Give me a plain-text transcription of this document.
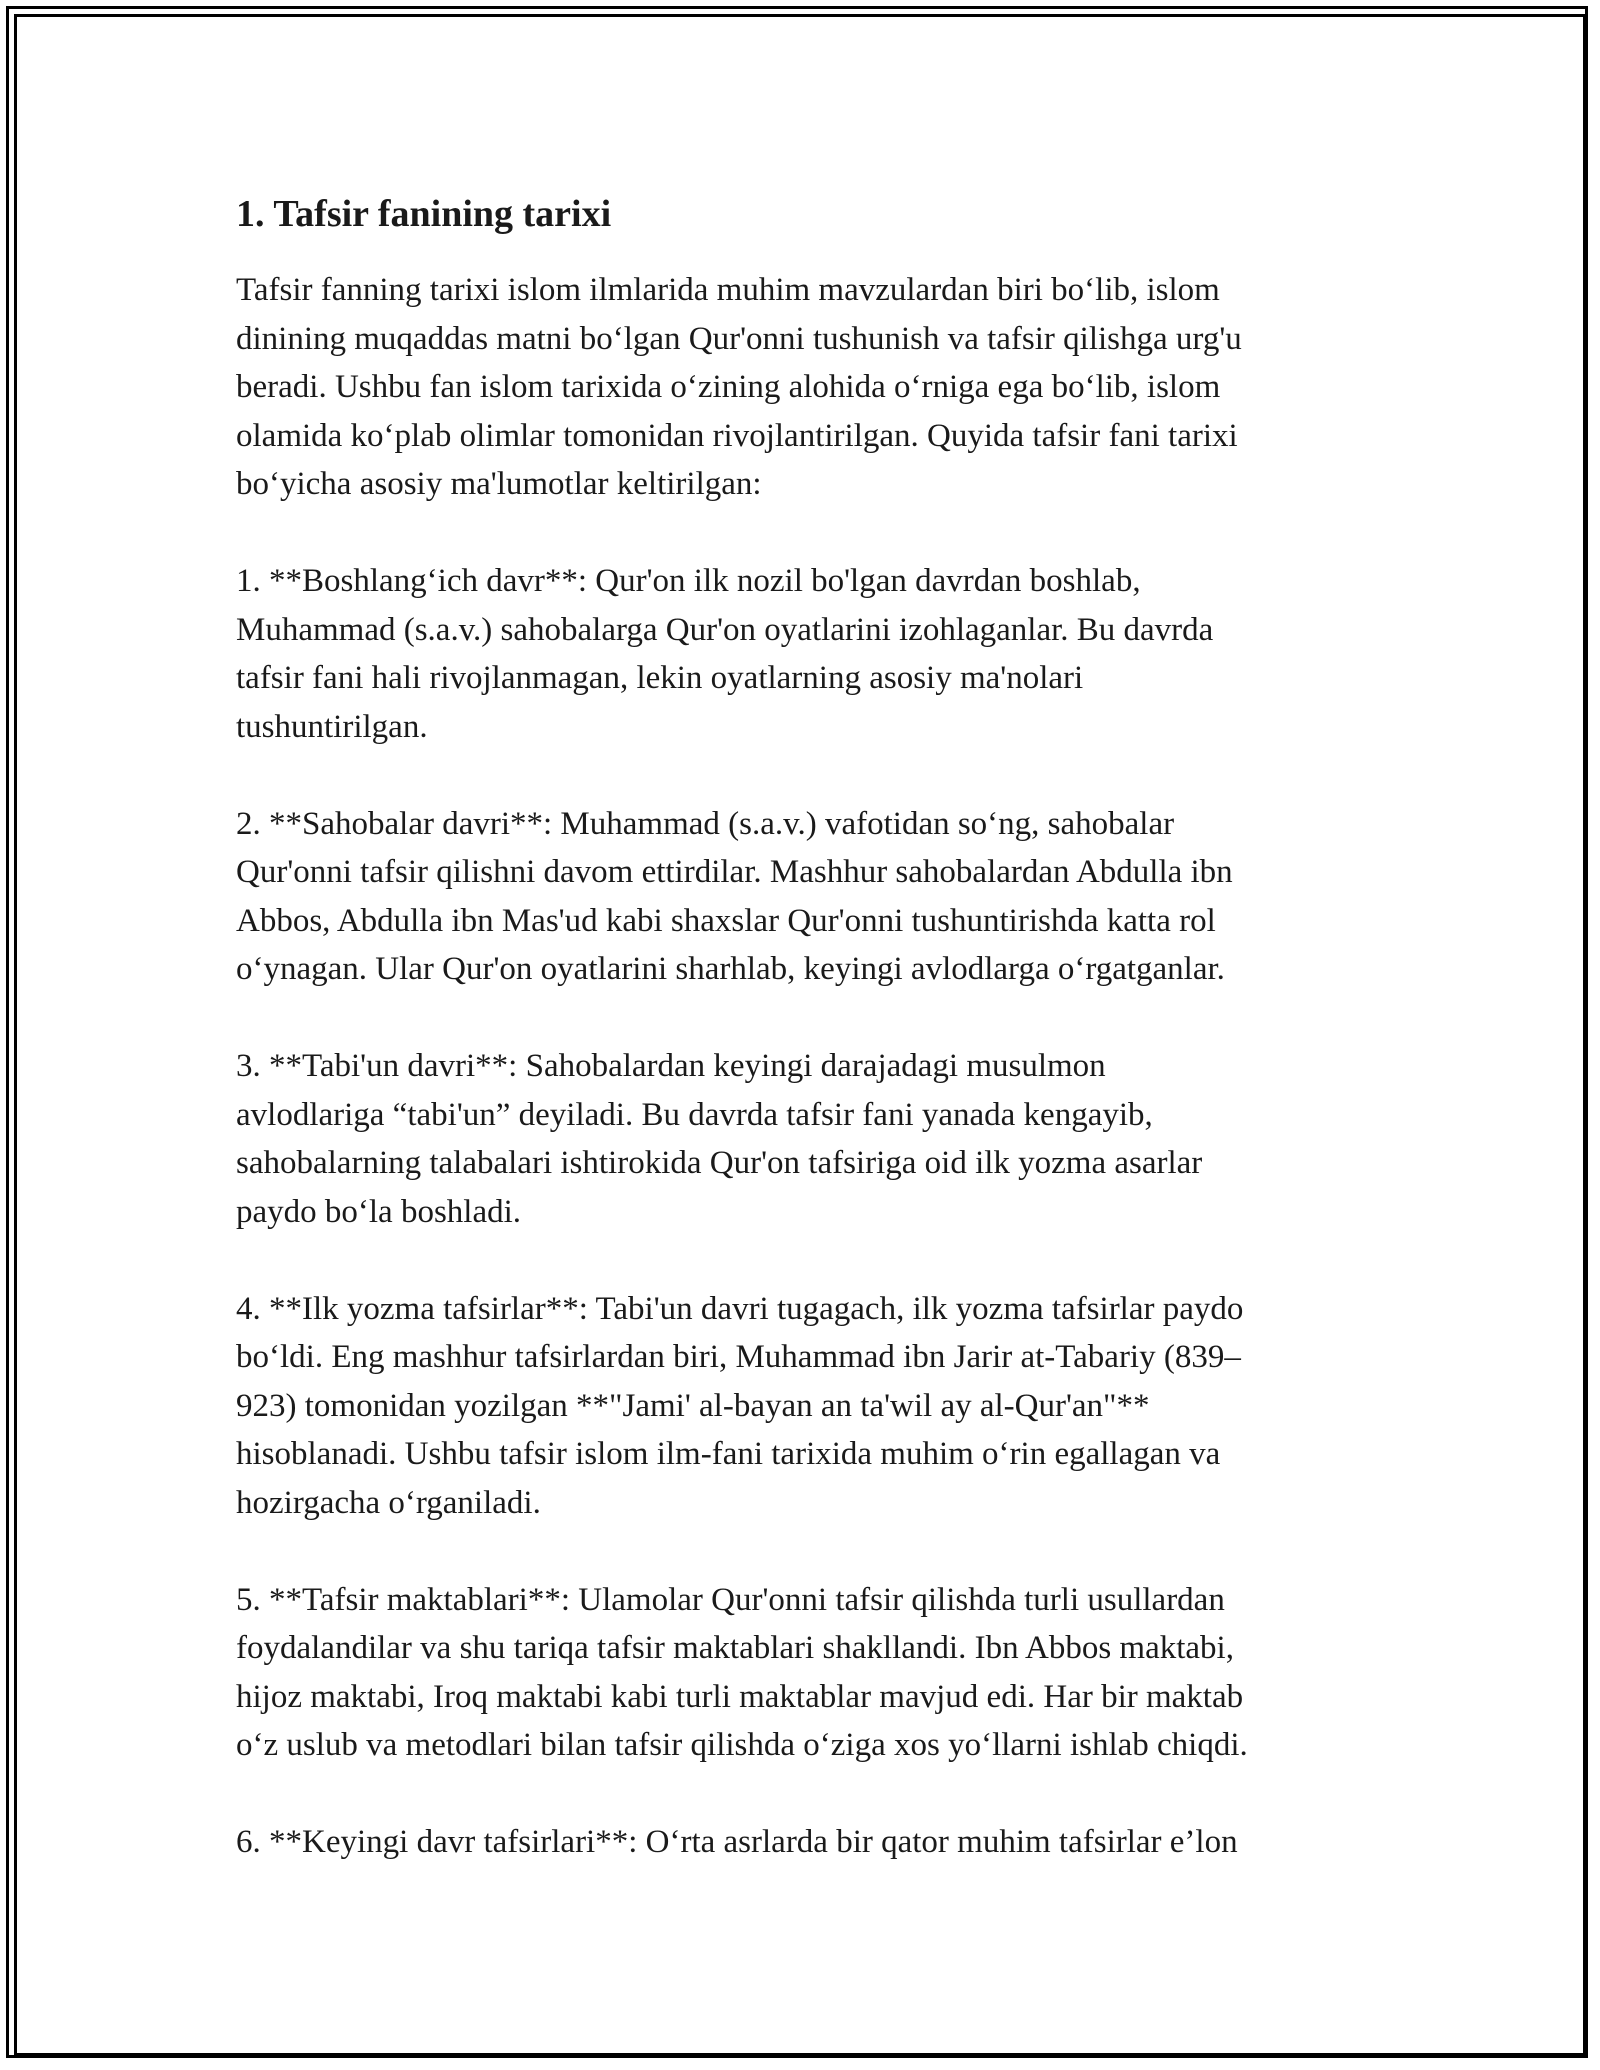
1. Tafsir fanining tarixi

Tafsir fanning tarixi islom ilmlarida muhim mavzulardan biri bo‘lib, islom
dinining muqaddas matni bo‘lgan Qur'onni tushunish va tafsir qilishga urg'u
beradi. Ushbu fan islom tarixida o‘zining alohida o‘rniga ega bo‘lib, islom
olamida ko‘plab olimlar tomonidan rivojlantirilgan. Quyida tafsir fani tarixi
bo‘yicha asosiy ma'lumotlar keltirilgan:

1. **Boshlang‘ich davr**: Qur'on ilk nozil bo'lgan davrdan boshlab,
Muhammad (s.a.v.) sahobalarga Qur'on oyatlarini izohlaganlar. Bu davrda
tafsir fani hali rivojlanmagan, lekin oyatlarning asosiy ma'nolari
tushuntirilgan.

2. **Sahobalar davri**: Muhammad (s.a.v.) vafotidan so‘ng, sahobalar
Qur'onni tafsir qilishni davom ettirdilar. Mashhur sahobalardan Abdulla ibn
Abbos, Abdulla ibn Mas'ud kabi shaxslar Qur'onni tushuntirishda katta rol
o‘ynagan. Ular Qur'on oyatlarini sharhlab, keyingi avlodlarga o‘rgatganlar.

3. **Tabi'un davri**: Sahobalardan keyingi darajadagi musulmon
avlodlariga “tabi'un” deyiladi. Bu davrda tafsir fani yanada kengayib,
sahobalarning talabalari ishtirokida Qur'on tafsiriga oid ilk yozma asarlar
paydo bo‘la boshladi.

4. **Ilk yozma tafsirlar**: Tabi'un davri tugagach, ilk yozma tafsirlar paydo
bo‘ldi. Eng mashhur tafsirlardan biri, Muhammad ibn Jarir at-Tabariy (839–
923) tomonidan yozilgan **"Jami' al-bayan an ta'wil ay al-Qur'an"**
hisoblanadi. Ushbu tafsir islom ilm-fani tarixida muhim o‘rin egallagan va
hozirgacha o‘rganiladi.

5. **Tafsir maktablari**: Ulamolar Qur'onni tafsir qilishda turli usullardan
foydalandilar va shu tariqa tafsir maktablari shakllandi. Ibn Abbos maktabi,
hijoz maktabi, Iroq maktabi kabi turli maktablar mavjud edi. Har bir maktab
o‘z uslub va metodlari bilan tafsir qilishda o‘ziga xos yo‘llarni ishlab chiqdi.

6. **Keyingi davr tafsirlari**: O‘rta asrlarda bir qator muhim tafsirlar e’lon
